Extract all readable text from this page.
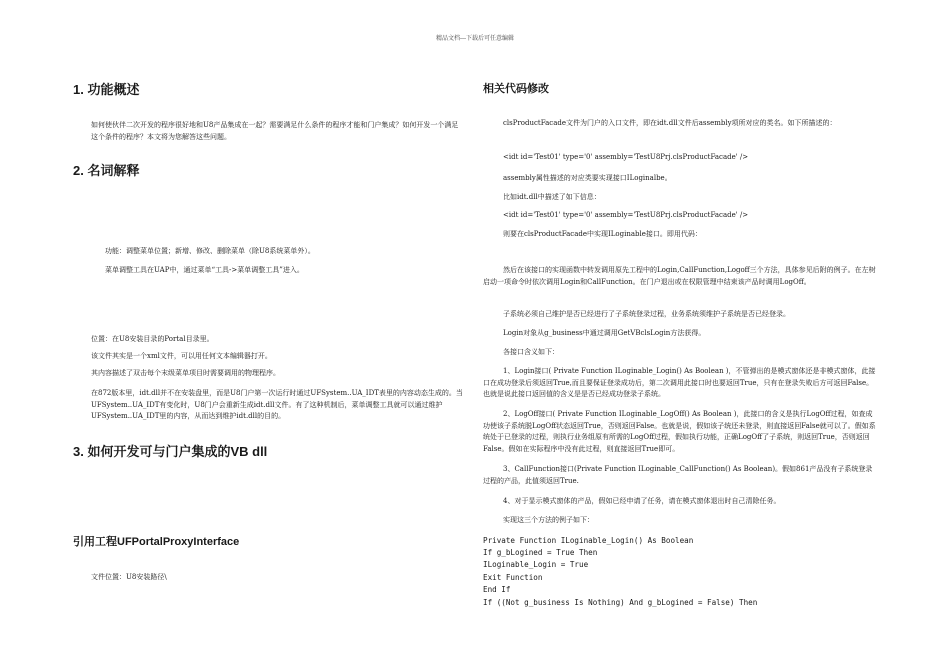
精品文档---下载后可任意编辑
1. 功能概述
如何使伙伴二次开发的程序很好地和U8产品集成在一起？需要满足什么条件的程序才能和门户集成？如何开发一个满足这个条件的程序？本文将为您解答这些问题。
2. 名词解释
功能：调整菜单位置；新增、修改、删除菜单（除U8系统菜单外）。
菜单调整工具在UAP中，通过菜单“工具->菜单调整工具”进入。
位置：在U8安装目录的Portal目录里。
该文件其实是一个xml文件，可以用任何文本编辑器打开。
其内容描述了双击每个末级菜单项目时需要调用的物理程序。
在872版本里，idt.dll并不在安装盘里，而是U8门户第一次运行时通过UFSystem..UA_IDT表里的内容动态生成的。当UFSystem..UA_IDT有变化时，U8门户会重新生成idt.dll文件。有了这种机制后，菜单调整工具就可以通过维护UFSystem..UA_IDT里的内容，从而达到维护idt.dll的目的。
3. 如何开发可与门户集成的VB dll
引用工程UFPortalProxyInterface
文件位置：U8安装路径\
相关代码修改
clsProductFacade文件为门户的入口文件，即在idt.dll文件后assembly项所对应的类名。如下所描述的：
<idt id='Test01' type='0' assembly='TestU8Prj.clsProductFacade' />
assembly属性描述的对应类要实现接口ILoginalbe。
比如idt.dll中描述了如下信息：
<idt id='Test01' type='0' assembly='TestU8Prj.clsProductFacade' />
则要在clsProductFacade中实现ILoginable接口。即用代码：
然后在该接口的实现函数中转发调用原先工程中的Login,CallFunction,Logoff三个方法，具体参见后附的例子。在左树启动一项命令时依次调用Login和CallFunction。在门户退出或在权限管理中结束该产品时调用LogOff。
子系统必须自己维护是否已经进行了子系统登录过程，业务系统须维护子系统是否已经登录。
Login对象从g_business中通过调用GetVBclsLogin方法获得。
各接口含义如下：
1、Login接口( Private Function ILoginable_Login() As Boolean )，不管弹出的是模式窗体还是非模式窗体，此接口在成功登录后须返回True,而且要保证登录成功后，第二次调用此接口时也要返回True，只有在登录失败后方可返回False。也就是说此接口返回值的含义是是否已经成功登录子系统。
2、LogOff接口( Private Function ILoginable_LogOff() As Boolean )，此接口的含义是执行LogOff过程，如查成功使该子系统脱LogOff状态返回True，否则返回False。也就是说，假如该子统还未登录，则直接返回False就可以了。假如系统处于已登录的过程，则执行业务组原有所需的LogOff过程，假如执行功能，正确LogOff了子系统，则返回True，否则返回False。假如在实际程序中没有此过程，则直接返回True即可。
3、CallFunction接口(Private Function ILoginable_CallFunction() As Boolean)。假如861产品没有子系统登录过程的产品，此值须返回True.
4、对于显示模式窗体的产品，假如已经申请了任务，请在模式窗体退出时自己清除任务。
实现这三个方法的例子如下：
Private Function ILoginable_Login() As Boolean
If g_bLogined = True Then
ILoginable_Login = True
Exit Function
End If
If ((Not g_business Is Nothing) And g_bLogined = False) Then
